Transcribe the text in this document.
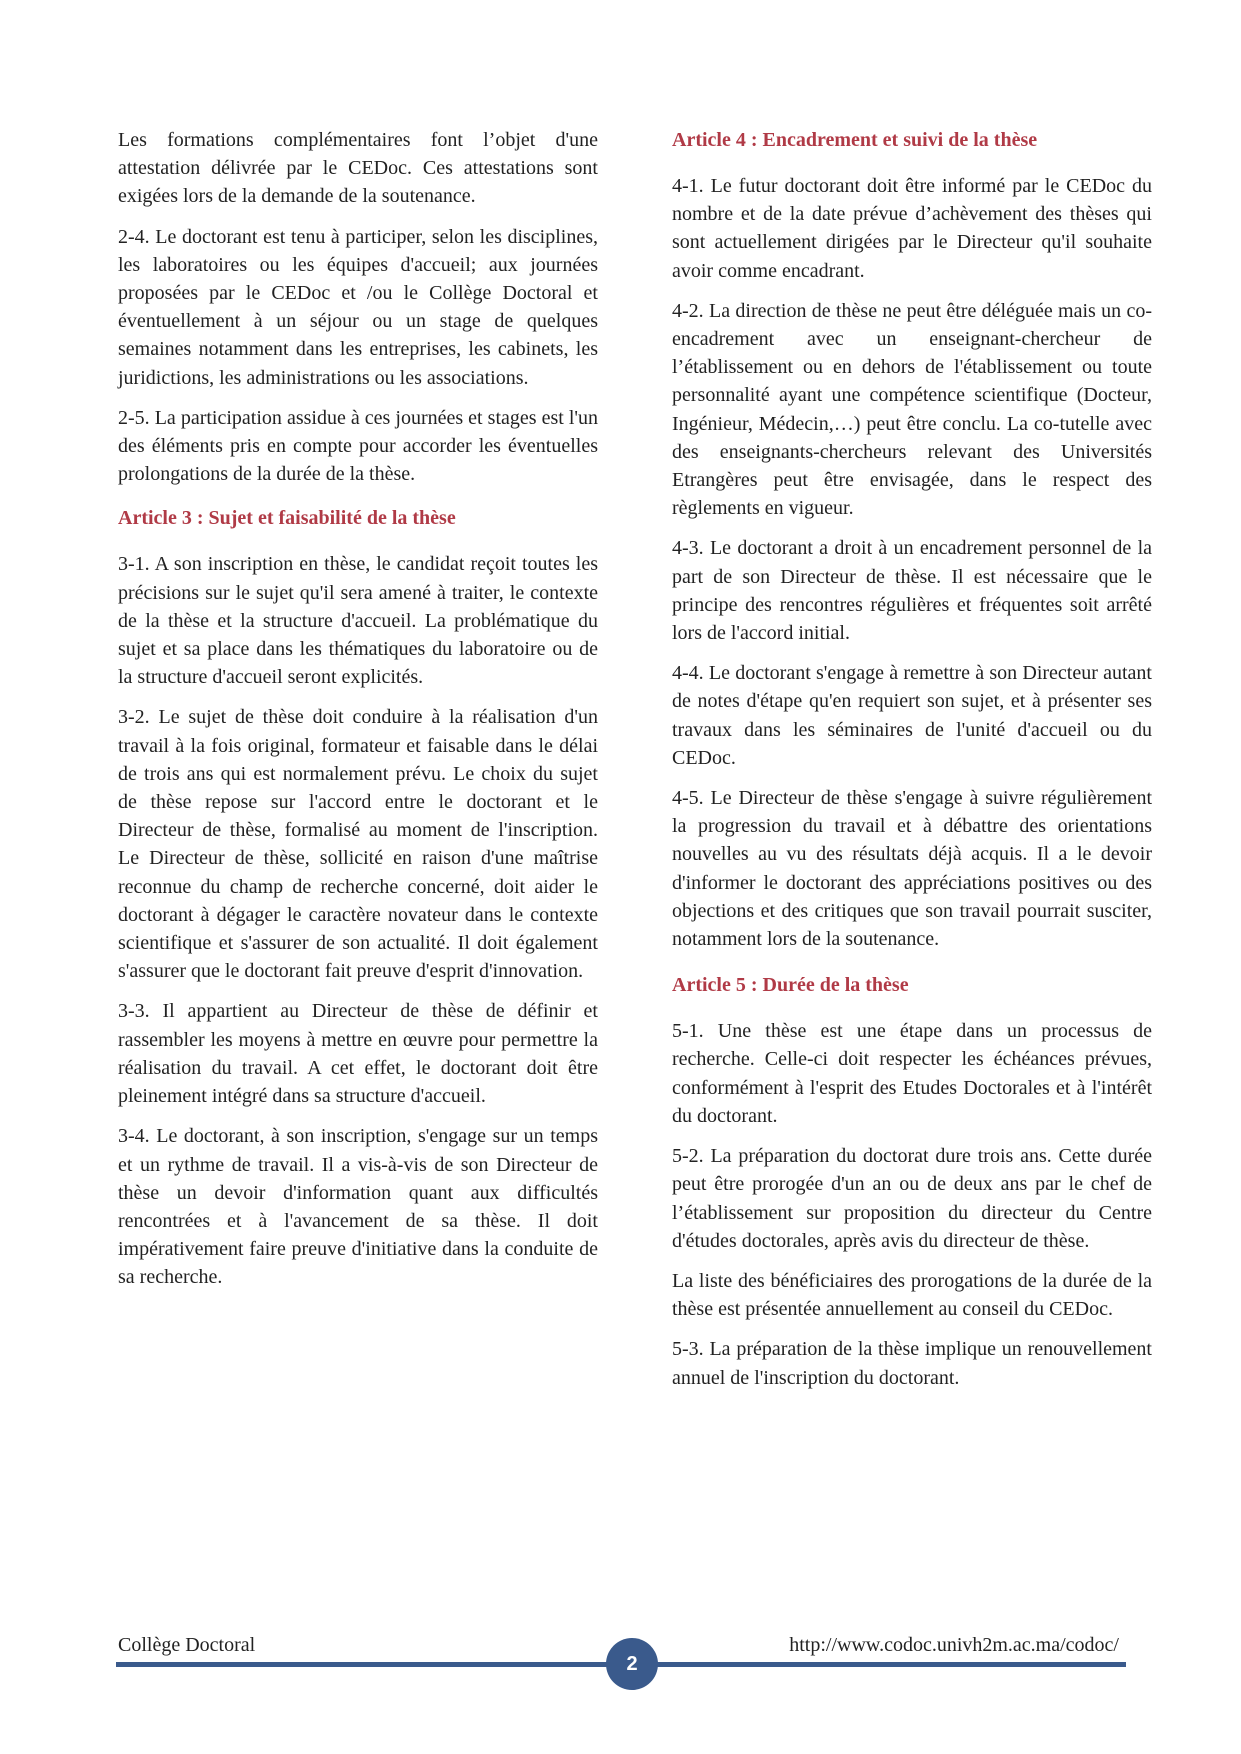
Les formations complémentaires font l’objet d'une attestation délivrée par le CEDoc. Ces attestations sont exigées lors de la demande de la soutenance.

2-4. Le doctorant est tenu à participer, selon les disciplines, les laboratoires ou les équipes d'accueil; aux journées proposées par le CEDoc et /ou le Collège Doctoral et éventuellement à un séjour ou un stage de quelques semaines notamment dans les entreprises, les cabinets, les juridictions, les administrations ou les associations.

2-5. La participation assidue à ces journées et stages est l'un des éléments pris en compte pour accorder les éventuelles prolongations de la durée de la thèse.

Article 3 : Sujet et faisabilité de la thèse

3-1. A son inscription en thèse, le candidat reçoit toutes les précisions sur le sujet qu'il sera amené à traiter, le contexte de la thèse et la structure d'accueil. La problématique du sujet et sa place dans les thématiques du laboratoire ou de la structure d'accueil seront explicités.

3-2. Le sujet de thèse doit conduire à la réalisation d'un travail à la fois original, formateur et faisable dans le délai de trois ans qui est normalement prévu. Le choix du sujet de thèse repose sur l'accord entre le doctorant et le Directeur de thèse, formalisé au moment de l'inscription. Le Directeur de thèse, sollicité en raison d'une maîtrise reconnue du champ de recherche concerné, doit aider le doctorant à dégager le caractère novateur dans le contexte scientifique et s'assurer de son actualité. Il doit également s'assurer que le doctorant fait preuve d'esprit d'innovation.

3-3. Il appartient au Directeur de thèse de définir et rassembler les moyens à mettre en œuvre pour permettre la réalisation du travail. A cet effet, le doctorant doit être pleinement intégré dans sa structure d'accueil.

3-4. Le doctorant, à son inscription, s'engage sur un temps et un rythme de travail. Il a vis-à-vis de son Directeur de thèse un devoir d'information quant aux difficultés rencontrées et à l'avancement de sa thèse. Il doit impérativement faire preuve d'initiative dans la conduite de sa recherche.

Article 4 : Encadrement et suivi de la thèse

4-1. Le futur doctorant doit être informé par le CEDoc du nombre et de la date prévue d’achèvement des thèses qui sont actuellement dirigées par le Directeur qu'il souhaite avoir comme encadrant.

4-2. La direction de thèse ne peut être déléguée mais un co-encadrement avec un enseignant-chercheur de l’établissement ou en dehors de l'établissement ou toute personnalité ayant une compétence scientifique (Docteur, Ingénieur, Médecin,…) peut être conclu. La co-tutelle avec des enseignants-chercheurs relevant des Universités Etrangères peut être envisagée, dans le respect des règlements en vigueur.

4-3. Le doctorant a droit à un encadrement personnel de la part de son Directeur de thèse. Il est nécessaire que le principe des rencontres régulières et fréquentes soit arrêté lors de l'accord initial.

4-4. Le doctorant s'engage à remettre à son Directeur autant de notes d'étape qu'en requiert son sujet, et à présenter ses travaux dans les séminaires de l'unité d'accueil ou du CEDoc.

4-5. Le Directeur de thèse s'engage à suivre régulièrement la progression du travail et à débattre des orientations nouvelles au vu des résultats déjà acquis. Il a le devoir d'informer le doctorant des appréciations positives ou des objections et des critiques que son travail pourrait susciter, notamment lors de la soutenance.

Article 5 : Durée de la thèse

5-1. Une thèse est une étape dans un processus de recherche. Celle-ci doit respecter les échéances prévues, conformément à l'esprit des Etudes Doctorales et à l'intérêt du doctorant.

5-2. La préparation du doctorat dure trois ans. Cette durée peut être prorogée d'un an ou de deux ans par le chef de l’établissement sur proposition du directeur du Centre d'études doctorales, après avis du directeur de thèse.

La liste des bénéficiaires des prorogations de la durée de la thèse est présentée annuellement au conseil du CEDoc.

5-3. La préparation de la thèse implique un renouvellement annuel de l'inscription du doctorant.

Collège Doctoral	http://www.codoc.univh2m.ac.ma/codoc/
2
